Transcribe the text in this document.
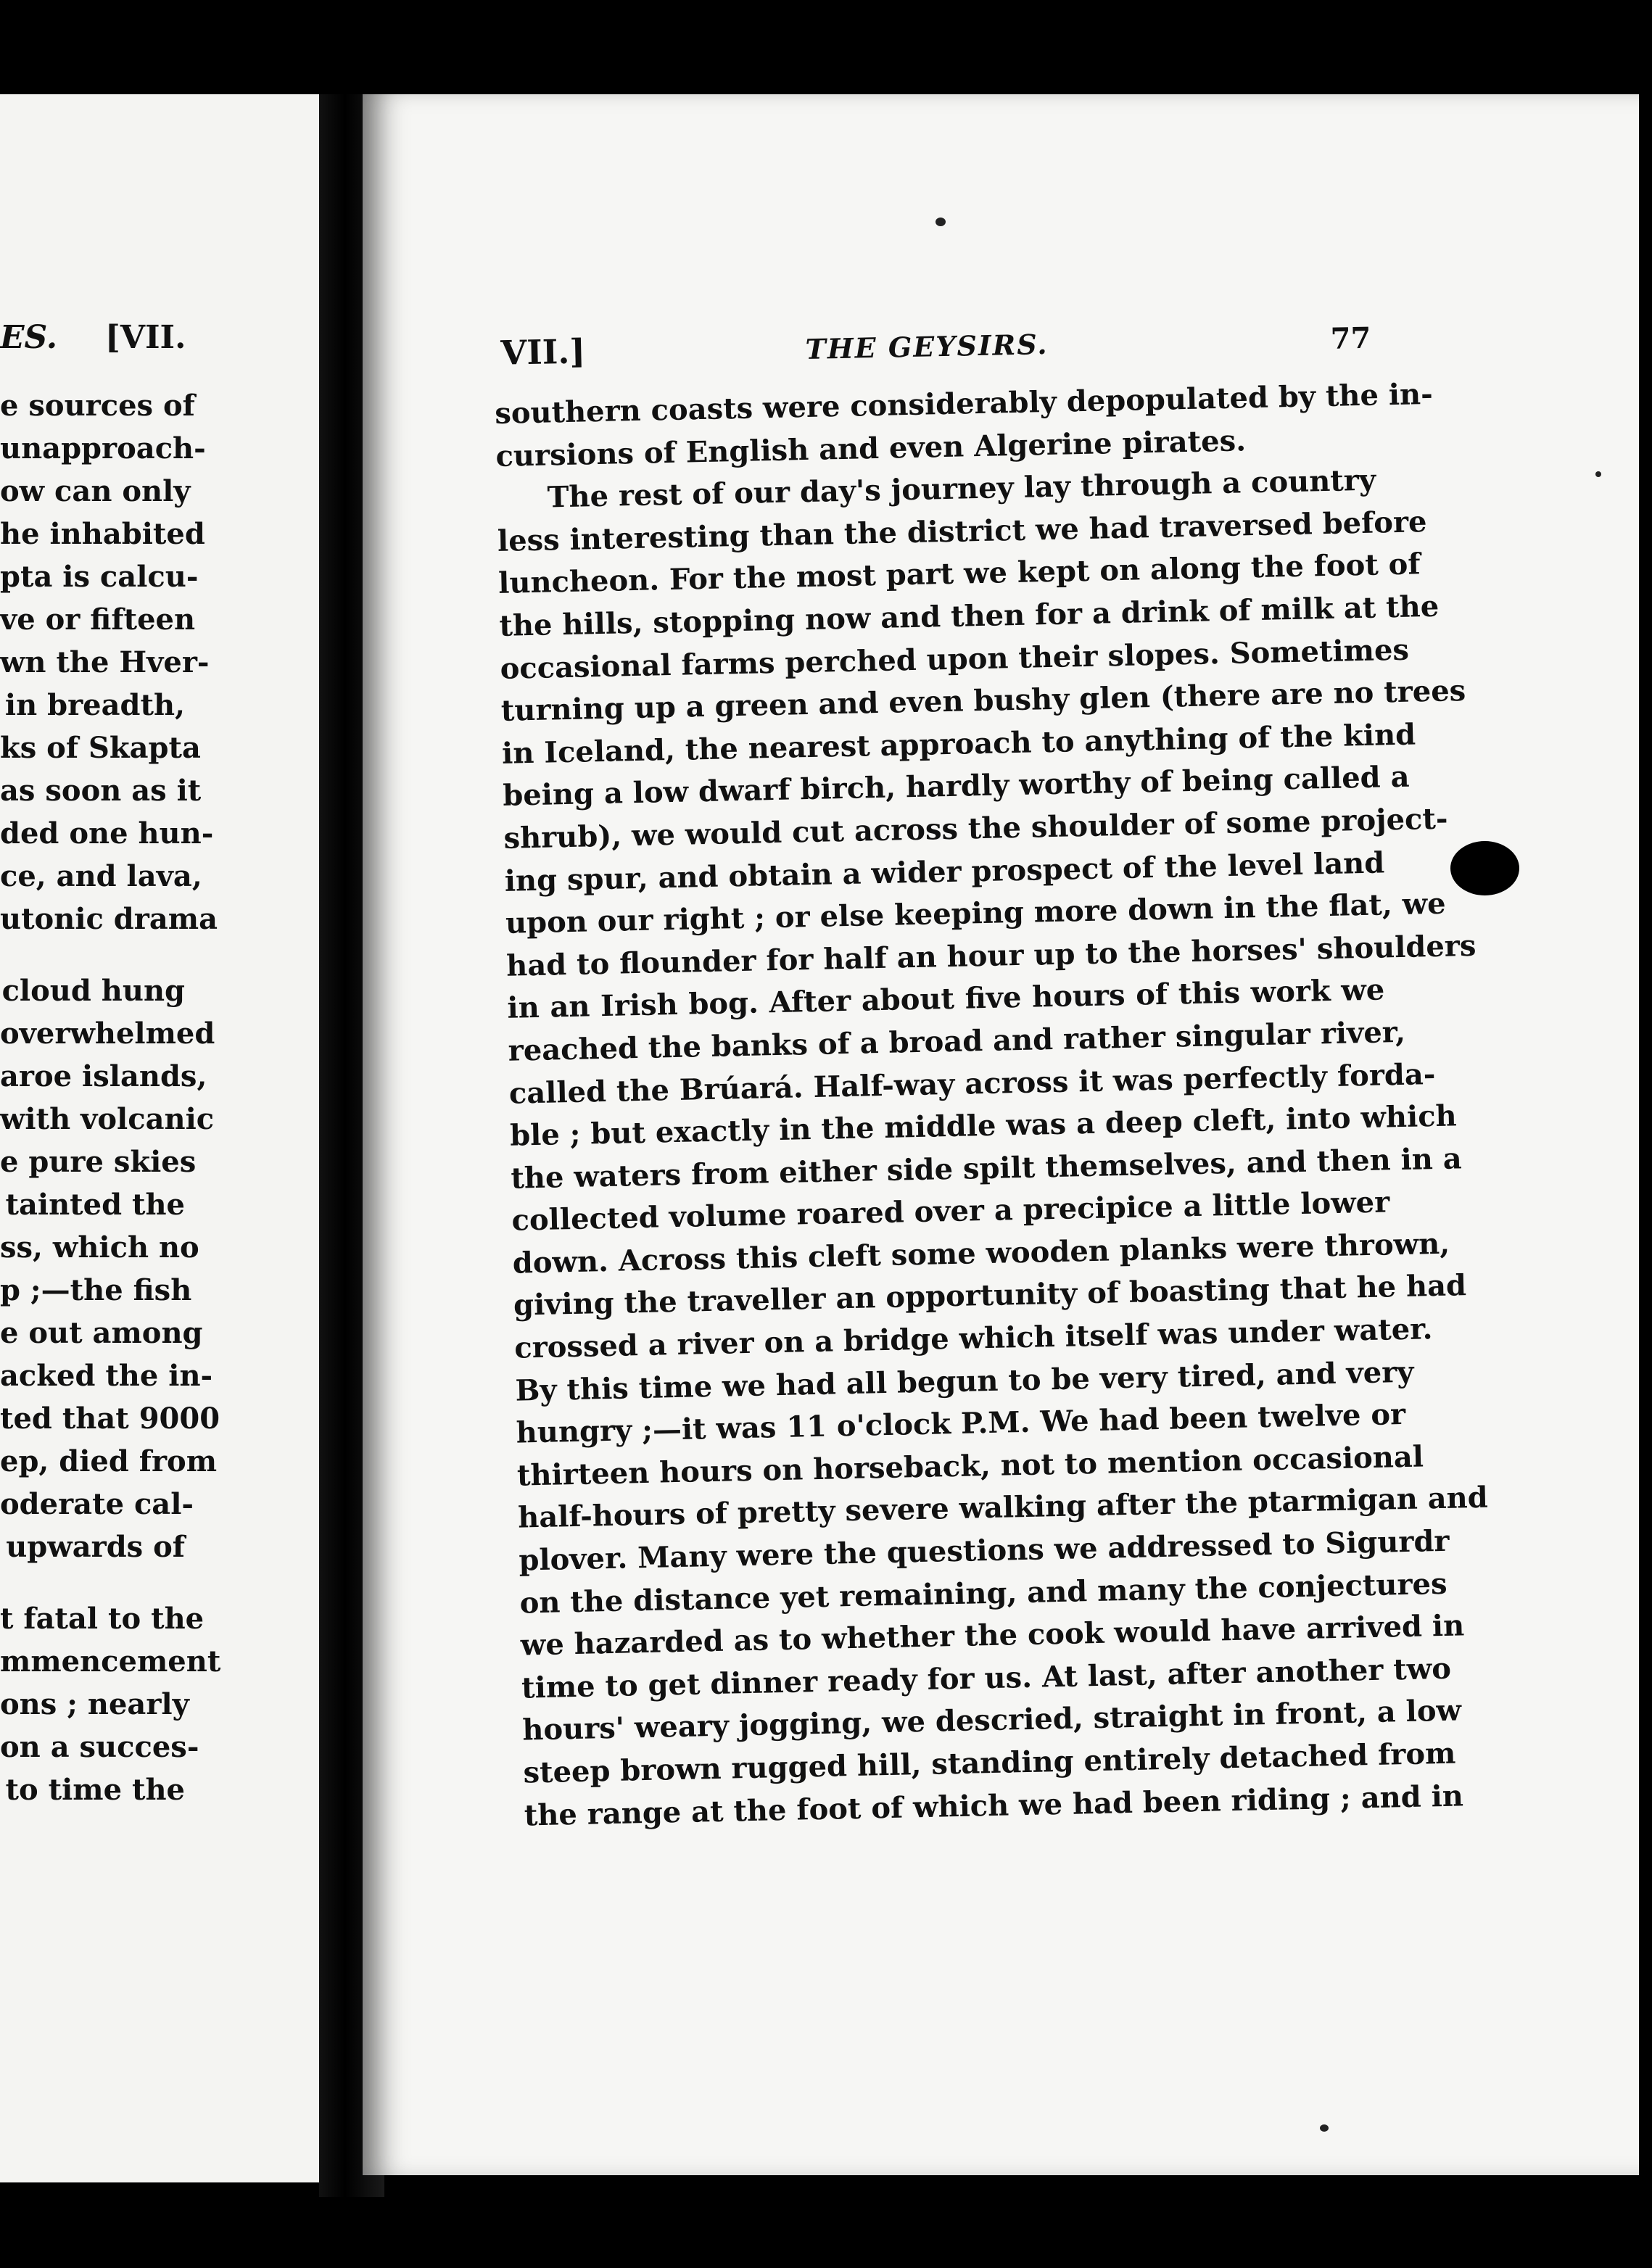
ES. [VII.
e sources of
unapproach-
ow can only
he inhabited
pta is calcu-
ve or fifteen
wn the Hver-
in breadth,
ks of Skapta
as soon as it
ded one hun-
ce, and lava,
utonic drama
cloud hung
overwhelmed
aroe islands,
with volcanic
e pure skies
tainted the
ss, which no
p ;—the fish
e out among
acked the in-
ted that 9000
ep, died from
oderate cal-
upwards of
t fatal to the
mmencement
ons ; nearly
on a succes-
to time the
VII.]	THE GEYSIRS.	77
southern coasts were considerably depopulated by the in-
cursions of English and even Algerine pirates.
The rest of our day's journey lay through a country
less interesting than the district we had traversed before
luncheon. For the most part we kept on along the foot of
the hills, stopping now and then for a drink of milk at the
occasional farms perched upon their slopes. Sometimes
turning up a green and even bushy glen (there are no trees
in Iceland, the nearest approach to anything of the kind
being a low dwarf birch, hardly worthy of being called a
shrub), we would cut across the shoulder of some project-
ing spur, and obtain a wider prospect of the level land
upon our right ; or else keeping more down in the flat, we
had to flounder for half an hour up to the horses' shoulders
in an Irish bog. After about five hours of this work we
reached the banks of a broad and rather singular river,
called the Brúará. Half-way across it was perfectly forda-
ble ; but exactly in the middle was a deep cleft, into which
the waters from either side spilt themselves, and then in a
collected volume roared over a precipice a little lower
down. Across this cleft some wooden planks were thrown,
giving the traveller an opportunity of boasting that he had
crossed a river on a bridge which itself was under water.
By this time we had all begun to be very tired, and very
hungry ;—it was 11 o'clock P.M. We had been twelve or
thirteen hours on horseback, not to mention occasional
half-hours of pretty severe walking after the ptarmigan and
plover. Many were the questions we addressed to Sigurdr
on the distance yet remaining, and many the conjectures
we hazarded as to whether the cook would have arrived in
time to get dinner ready for us. At last, after another two
hours' weary jogging, we descried, straight in front, a low
steep brown rugged hill, standing entirely detached from
the range at the foot of which we had been riding ; and in
